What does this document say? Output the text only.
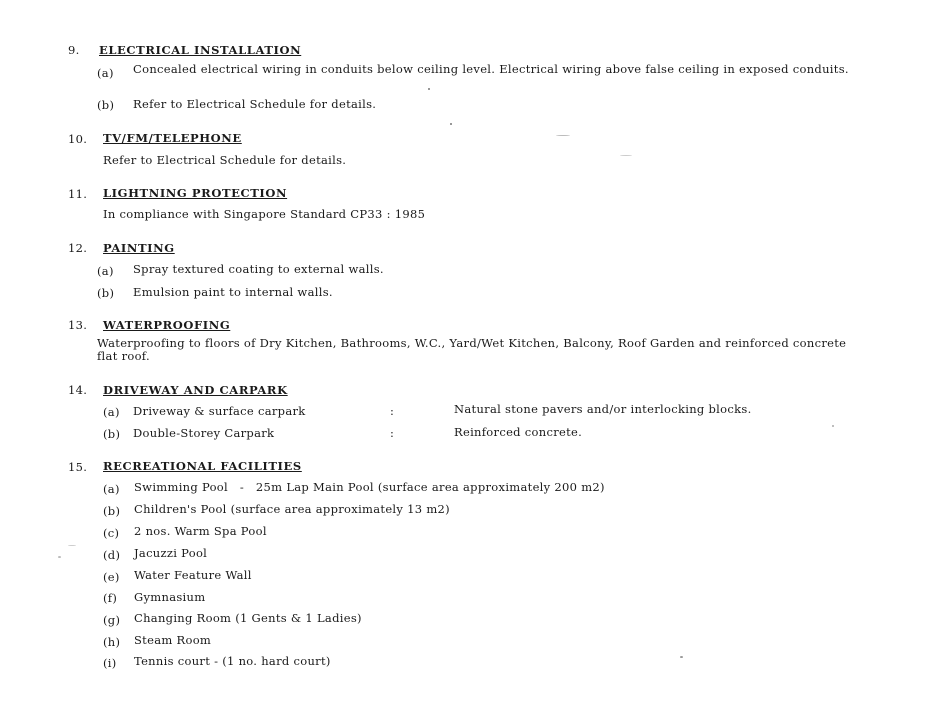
9. ELECTRICAL INSTALLATION
(a) Concealed electrical wiring in conduits below ceiling level. Electrical wiring above false ceiling in exposed conduits.
(b) Refer to Electrical Schedule for details.
10. TV/FM/TELEPHONE
Refer to Electrical Schedule for details.
11. LIGHTNING PROTECTION
In compliance with Singapore Standard CP33 : 1985
12. PAINTING
(a) Spray textured coating to external walls.
(b) Emulsion paint to internal walls.
13. WATERPROOFING
Waterproofing to floors of Dry Kitchen, Bathrooms, W.C., Yard/Wet Kitchen, Balcony, Roof Garden and reinforced concrete flat roof.
14. DRIVEWAY AND CARPARK
(a) Driveway & surface carpark	:	Natural stone pavers and/or interlocking blocks.
(b) Double-Storey Carpark	:	Reinforced concrete.
15. RECREATIONAL FACILITIES
(a) Swimming Pool   -   25m Lap Main Pool (surface area approximately 200 m2)
(b) Children's Pool (surface area approximately 13 m2)
(c) 2 nos. Warm Spa Pool
(d) Jacuzzi Pool
(e) Water Feature Wall
(f) Gymnasium
(g) Changing Room (1 Gents & 1 Ladies)
(h) Steam Room
(i) Tennis court - (1 no. hard court)
